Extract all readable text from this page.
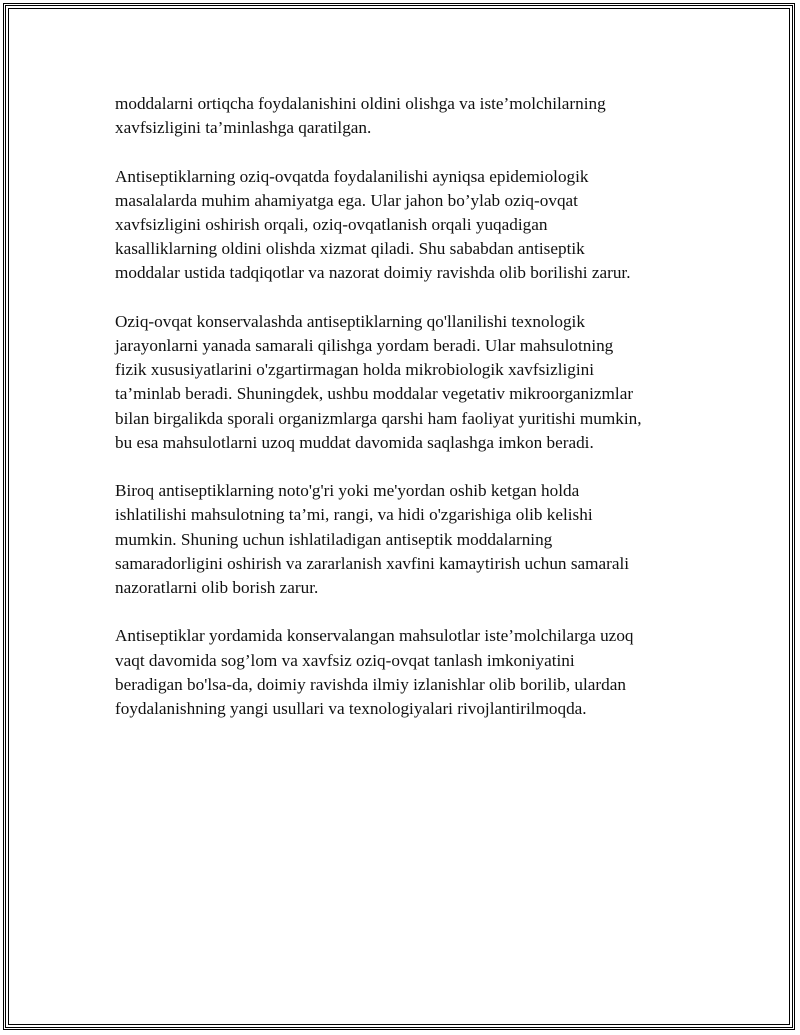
moddalarni ortiqcha foydalanishini oldini olishga va iste’molchilarning
xavfsizligini ta’minlashga qaratilgan.

Antiseptiklarning oziq-ovqatda foydalanilishi ayniqsa epidemiologik
masalalarda muhim ahamiyatga ega. Ular jahon bo’ylab oziq-ovqat
xavfsizligini oshirish orqali, oziq-ovqatlanish orqali yuqadigan
kasalliklarning oldini olishda xizmat qiladi. Shu sababdan antiseptik
moddalar ustida tadqiqotlar va nazorat doimiy ravishda olib borilishi zarur.

Oziq-ovqat konservalashda antiseptiklarning qo'llanilishi texnologik
jarayonlarni yanada samarali qilishga yordam beradi. Ular mahsulotning
fizik xususiyatlarini o'zgartirmagan holda mikrobiologik xavfsizligini
ta’minlab beradi. Shuningdek, ushbu moddalar vegetativ mikroorganizmlar
bilan birgalikda sporali organizmlarga qarshi ham faoliyat yuritishi mumkin,
bu esa mahsulotlarni uzoq muddat davomida saqlashga imkon beradi.

Biroq antiseptiklarning noto'g'ri yoki me'yordan oshib ketgan holda
ishlatilishi mahsulotning ta’mi, rangi, va hidi o'zgarishiga olib kelishi
mumkin. Shuning uchun ishlatiladigan antiseptik moddalarning
samaradorligini oshirish va zararlanish xavfini kamaytirish uchun samarali
nazoratlarni olib borish zarur.

Antiseptiklar yordamida konservalangan mahsulotlar iste’molchilarga uzoq
vaqt davomida sog’lom va xavfsiz oziq-ovqat tanlash imkoniyatini
beradigan bo'lsa-da, doimiy ravishda ilmiy izlanishlar olib borilib, ulardan
foydalanishning yangi usullari va texnologiyalari rivojlantirilmoqda.
